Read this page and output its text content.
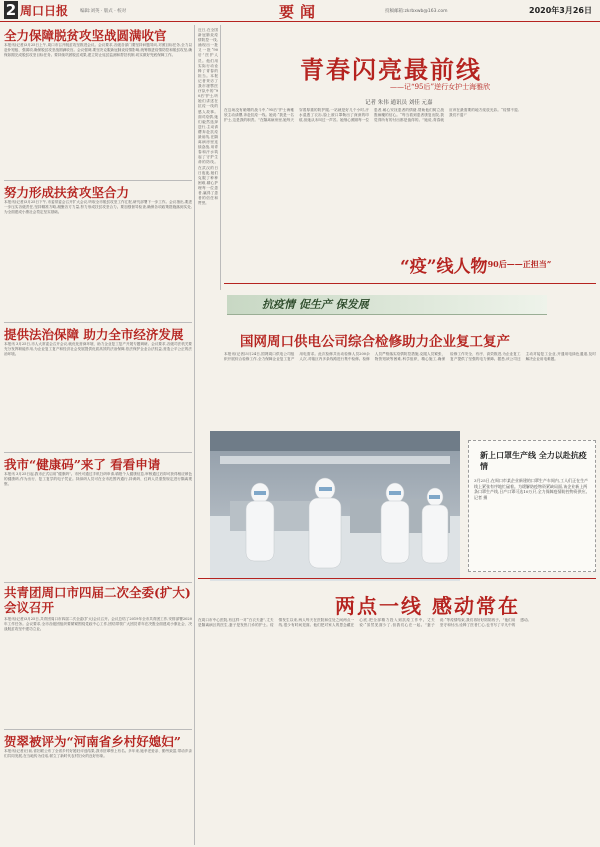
2 周口日报	编辑:刘英 · 版式 · 校对	投稿邮箱:zkrbxwb@163.com
要闻	2020年3月26日
全力保障脱贫攻坚战圆满收官
本报讯(记者)3月25日上午,周口市召开脱贫攻坚推进会议。会议要求,各级各部门要坚持问题导向,对照目标任务,全力以赴补短板、强弱项,确保脱贫攻坚战圆满收官。会议强调,要坚决克服新冠肺炎疫情影响,统筹推进疫情防控和脱贫攻坚,确保如期完成脱贫攻坚目标任务。要持续巩固脱贫成果,建立防止返贫监测和帮扶机制,切实做好兜底保障工作。
努力形成扶贫攻坚合力
本报讯(记者)3月25日下午,市委常委会召开扩大会议,听取全市脱贫攻坚工作汇报,研究部署下一步工作。会议指出,要进一步压实各级责任,坚持精准方略,凝聚各方力量,努力形成扶贫攻坚合力。要加强督导检查,确保各项政策措施落到实处,为全面建成小康社会奠定坚实基础。
提供法治保障 助力全市经济发展
本报讯 3月25日,市人大常委会召开会议,就优化营商环境、助力企业复工复产开展专题调研。会议要求,各级司法机关要充分发挥职能作用,为企业复工复产和经济社会发展提供优质高效的法治保障,依法保护企业合法权益,营造公平公正的法治环境。
我市“健康码”来了 看看申请
本报讯 3月25日起,我市正式启用“健康码”。市民可通过手机扫码申请,填报个人健康信息,审核通过后即可获得相应颜色的健康码,作为出行、复工复学的电子凭证。持绿码人员可在全市范围内通行,持黄码、红码人员需按规定进行隔离观察。
共青团周口市四届二次全委(扩大)会议召开
本报讯(记者)3月25日,共青团周口市四届二次全委(扩大)会议召开。会议总结了2019年全市共青团工作,安排部署2020年工作任务。会议要求,全市各级团组织要紧紧围绕党政中心工作,团结带领广大团员青年在决胜全面建成小康社会、决战脱贫攻坚中建功立业。
贺翠被评为“河南省乡村好媳妇”
本报讯(记者)日前,省妇联公布了全省乡村好媳妇评选结果,我市贺翠榜上有名。多年来,她孝老爱亲、勤劳致富,带动乡亲们共同发展,在当地传为佳话,树立了新时代农村妇女的良好形象。
近日,在全国新冠肺炎疫情防控一线,涌现出一批又一批“90后”医护人员。他们用实际行动诠释了青春的担当。本报记者采访了我市援鄂医疗队中的“90后”护士,听她们讲述在抗疫一线的感人故事。面对疫情,她们毅然选择逆行,主动请缨奔赴抗疫最前线,在隔离病房里连续奋战,用青春和汗水筑起了守护生命的防线。在武汉的日日夜夜,她们克服了种种困难,精心护理每一位患者,赢得了患者的信任和赞誉。
青春闪亮最前线
——记“95后”逆行女护士海雅欣
记者 朱伟 通讯员 刘佳 元嘉
在这场没有硝烟的战斗中,“95后”护士海雅欣主动请缨,奔赴抗疫一线。她说:“我是一名护士,这是我的职责。”在隔离病房里,她每天穿着厚重的防护服,一站就是好几个小时,汗水湿透了衣衫,脸上被口罩勒出了深深的印痕,但她从未叫过一声苦。她细心照顾每一位患者,耐心安抚患者的情绪,帮助他们树立战胜病魔的信心。“每当看到患者康复出院,我觉得所有的付出都是值得的。”她说,青春就应该在最需要的地方绽放光彩。“疫情不退,我们不退!”
“疫”线人物
“90后——正担当”
抗疫情 促生产 保发展
国网周口供电公司综合检修助力企业复工复产
本报讯(记者)3月24日,国网周口供电公司组织开展综合检修工作,全力保障企业复工复产用电需求。此次检修共出动检修人员200余人次,对辖区内多条线路进行集中检修。检修人员严格落实疫情防控措施,克服人员紧张、物资短缺等困难,科学组织、精心施工,确保检修工作安全、有序、高效推进,为企业复工复产提供了坚强的电力保障。据悉,该公司还主动对接复工企业,开通用电绿色通道,及时解决企业用电难题。
新上口罩生产线 全力以赴抗疫情
3月25日,在周口市某企业新建的口罩生产车间内,工人们正在生产线上紧张有序地忙碌着。为缓解防疫物资紧缺局面,该企业新上两条口罩生产线,日产口罩可达10万只,全力保障疫情防控物资供应。记者 摄
两点一线 感动常在
在周口市中心医院,有这样一对“白衣夫妻”,丈夫是隔离病区的医生,妻子是发热门诊的护士。疫情发生以来,两人每天在医院和住处之间两点一线,很少有时间见面。他们把对家人的思念藏在心底,把全部精力投入到抗疫工作中。丈夫说:“虽然见面少了,但我们心在一起。”妻子说:“等疫情结束,我们再好好陪陪孩子。”他们用坚守和付出,诠释了医者仁心,也书写了平凡中的感动。
